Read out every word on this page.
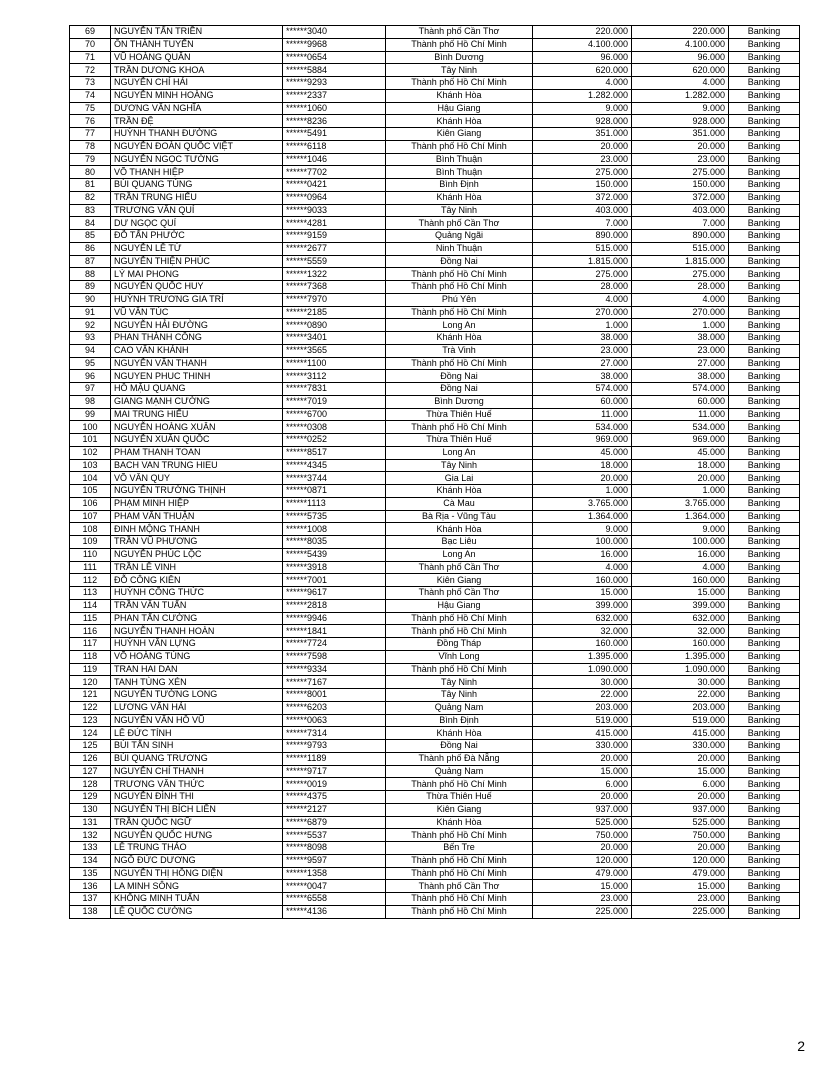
69	NGUYỄN TẤN TRIỀN	******3040	Thành phố Cần Thơ	220.000	220.000	Banking
70	ÔN THÀNH TUYẾN	******9968	Thành phố Hồ Chí Minh	4.100.000	4.100.000	Banking
71	VŨ HOÀNG QUÂN	******0654	Bình Dương	96.000	96.000	Banking
72	TRẦN DƯƠNG KHOA	******5884	Tây Ninh	620.000	620.000	Banking
73	NGUYỄN CHÍ HẢI	******9293	Thành phố Hồ Chí Minh	4.000	4.000	Banking
74	NGUYỄN MINH HOÀNG	******2337	Khánh Hòa	1.282.000	1.282.000	Banking
75	DƯƠNG VĂN NGHĨA	******1060	Hậu Giang	9.000	9.000	Banking
76	TRẦN ĐỆ	******8236	Khánh Hòa	928.000	928.000	Banking
77	HUỲNH THANH ĐƯỜNG	******5491	Kiên Giang	351.000	351.000	Banking
78	NGUYỄN ĐOÀN QUỐC VIỆT	******6118	Thành phố Hồ Chí Minh	20.000	20.000	Banking
79	NGUYỄN NGỌC TƯỜNG	******1046	Bình Thuận	23.000	23.000	Banking
80	VÕ THANH HIỆP	******7702	Bình Thuận	275.000	275.000	Banking
81	BÙI QUANG TÙNG	******0421	Bình Định	150.000	150.000	Banking
82	TRẦN TRUNG HIẾU	******0964	Khánh Hòa	372.000	372.000	Banking
83	TRƯƠNG VĂN QUÍ	******9033	Tây Ninh	403.000	403.000	Banking
84	DƯ NGỌC QUÍ	******4281	Thành phố Cần Thơ	7.000	7.000	Banking
85	ĐỖ TẤN PHƯỚC	******9159	Quảng Ngãi	890.000	890.000	Banking
86	NGUYỄN LÊ TỪ	******2677	Ninh Thuận	515.000	515.000	Banking
87	NGUYỄN THIỆN PHÚC	******5559	Đồng Nai	1.815.000	1.815.000	Banking
88	LÝ MAI PHONG	******1322	Thành phố Hồ Chí Minh	275.000	275.000	Banking
89	NGUYỄN QUỐC HUY	******7368	Thành phố Hồ Chí Minh	28.000	28.000	Banking
90	HUỲNH TRƯƠNG GIA TRÍ	******7970	Phú Yên	4.000	4.000	Banking
91	VŨ VĂN TÚC	******2185	Thành phố Hồ Chí Minh	270.000	270.000	Banking
92	NGUYỄN HẢI ĐƯỜNG	******0890	Long An	1.000	1.000	Banking
93	PHAN THÀNH CÔNG	******3401	Khánh Hòa	38.000	38.000	Banking
94	CAO VĂN KHÁNH	******3565	Trà Vinh	23.000	23.000	Banking
95	NGUYỄN VĂN THANH	******1100	Thành phố Hồ Chí Minh	27.000	27.000	Banking
96	NGUYEN PHUC THINH	******3112	Đồng Nai	38.000	38.000	Banking
97	HỒ MẬU QUANG	******7831	Đồng Nai	574.000	574.000	Banking
98	GIANG MẠNH CƯỜNG	******7019	Bình Dương	60.000	60.000	Banking
99	MAI TRUNG HIẾU	******6700	Thừa Thiên Huế	11.000	11.000	Banking
100	NGUYỄN HOÀNG XUÂN	******0308	Thành phố Hồ Chí Minh	534.000	534.000	Banking
101	NGUYỄN XUÂN QUỐC	******0252	Thừa Thiên Huế	969.000	969.000	Banking
102	PHAM THANH TOAN	******8517	Long An	45.000	45.000	Banking
103	BACH VAN TRUNG HIEU	******4345	Tây Ninh	18.000	18.000	Banking
104	VÕ VĂN QUY	******3744	Gia Lai	20.000	20.000	Banking
105	NGUYỄN TRƯỜNG THỊNH	******0871	Khánh Hòa	1.000	1.000	Banking
106	PHẠM MINH HIỆP	******1113	Cà Mau	3.765.000	3.765.000	Banking
107	PHAM VĂN THUẬN	******5735	Bà Rịa - Vũng Tàu	1.364.000	1.364.000	Banking
108	ĐINH MỘNG THANH	******1008	Khánh Hòa	9.000	9.000	Banking
109	TRẦN VŨ PHƯƠNG	******8035	Bạc Liêu	100.000	100.000	Banking
110	NGUYỄN PHÚC LỘC	******5439	Long An	16.000	16.000	Banking
111	TRẦN LÊ VINH	******3918	Thành phố Cần Thơ	4.000	4.000	Banking
112	ĐỖ CÔNG KIÊN	******7001	Kiên Giang	160.000	160.000	Banking
113	HUỲNH CÔNG THỨC	******9617	Thành phố Cần Thơ	15.000	15.000	Banking
114	TRẦN VĂN TUẤN	******2818	Hậu Giang	399.000	399.000	Banking
115	PHAN TẤN CƯỜNG	******9946	Thành phố Hồ Chí Minh	632.000	632.000	Banking
116	NGUYỄN THANH HOÀN	******1841	Thành phố Hồ Chí Minh	32.000	32.000	Banking
117	HUỲNH VĂN LỰNG	******7724	Đồng Tháp	160.000	160.000	Banking
118	VÕ HOÀNG TÙNG	******7598	Vĩnh Long	1.395.000	1.395.000	Banking
119	TRAN HAI DAN	******9334	Thành phố Hồ Chí Minh	1.090.000	1.090.000	Banking
120	TANH TÙNG XÉN	******7167	Tây Ninh	30.000	30.000	Banking
121	NGUYỄN TƯỜNG LONG	******8001	Tây Ninh	22.000	22.000	Banking
122	LƯƠNG VĂN HẢI	******6203	Quảng Nam	203.000	203.000	Banking
123	NGUYỄN VĂN HỒ VŨ	******0063	Bình Định	519.000	519.000	Banking
124	LÊ ĐỨC TÍNH	******7314	Khánh Hòa	415.000	415.000	Banking
125	BÙI TẤN SINH	******9793	Đồng Nai	330.000	330.000	Banking
126	BÙI QUANG TRƯƠNG	******1189	Thành phố Đà Nẵng	20.000	20.000	Banking
127	NGUYỄN CHÍ THANH	******9717	Quảng Nam	15.000	15.000	Banking
128	TRƯƠNG VĂN THỨC	******0019	Thành phố Hồ Chí Minh	6.000	6.000	Banking
129	NGUYỄN ĐÌNH THI	******4375	Thừa Thiên Huế	20.000	20.000	Banking
130	NGUYỄN THỊ BÍCH LIÊN	******2127	Kiên Giang	937.000	937.000	Banking
131	TRẦN QUỐC NGỮ	******6879	Khánh Hòa	525.000	525.000	Banking
132	NGUYỄN QUỐC HƯNG	******5537	Thành phố Hồ Chí Minh	750.000	750.000	Banking
133	LÊ TRUNG THẢO	******8098	Bến Tre	20.000	20.000	Banking
134	NGÔ ĐỨC DƯƠNG	******9597	Thành phố Hồ Chí Minh	120.000	120.000	Banking
135	NGUYỄN THỊ HỒNG DIỆN	******1358	Thành phố Hồ Chí Minh	479.000	479.000	Banking
136	LA MINH SÔNG	******0047	Thành phố Cần Thơ	15.000	15.000	Banking
137	KHỔNG MINH TUẤN	******6558	Thành phố Hồ Chí Minh	23.000	23.000	Banking
138	LÊ QUỐC CƯỜNG	******4136	Thành phố Hồ Chí Minh	225.000	225.000	Banking
2
